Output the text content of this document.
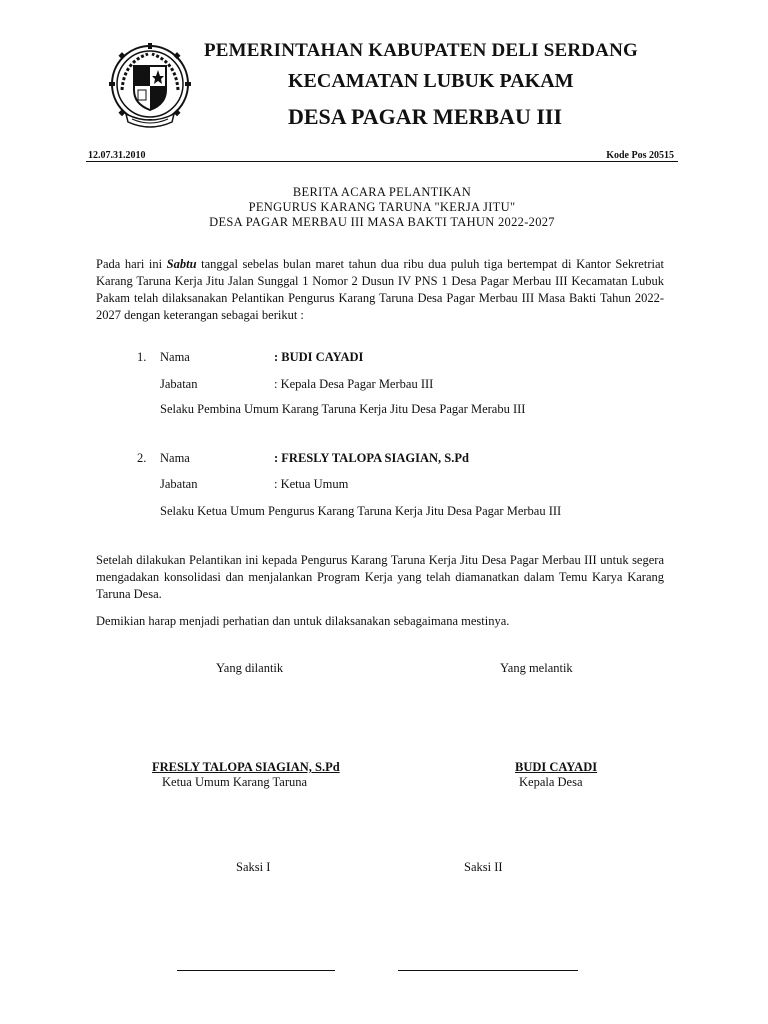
PEMERINTAHAN KABUPATEN DELI SERDANG
KECAMATAN LUBUK PAKAM
DESA PAGAR MERBAU III
12.07.31.2010	Kode Pos 20515
BERITA ACARA PELANTIKAN
PENGURUS KARANG TARUNA "KERJA JITU"
DESA PAGAR MERBAU III MASA BAKTI TAHUN 2022-2027
Pada hari ini Sabtu tanggal sebelas bulan maret tahun dua ribu dua puluh tiga bertempat di Kantor Sekretriat Karang Taruna Kerja Jitu Jalan Sunggal 1 Nomor 2 Dusun IV PNS 1 Desa Pagar Merbau III Kecamatan Lubuk Pakam telah dilaksanakan Pelantikan Pengurus Karang Taruna Desa Pagar Merbau III Masa Bakti Tahun 2022-2027 dengan keterangan sebagai berikut :
1. Nama	: BUDI CAYADI
Jabatan	: Kepala Desa Pagar Merbau III
Selaku Pembina Umum Karang Taruna Kerja Jitu Desa Pagar Merabu III
2. Nama	: FRESLY TALOPA SIAGIAN, S.Pd
Jabatan	: Ketua Umum
Selaku Ketua Umum Pengurus Karang Taruna Kerja Jitu Desa Pagar Merbau III
Setelah dilakukan Pelantikan ini kepada Pengurus Karang Taruna Kerja Jitu Desa Pagar Merbau III untuk segera mengadakan konsolidasi dan menjalankan Program Kerja yang telah diamanatkan dalam Temu Karya Karang Taruna Desa.
Demikian harap menjadi perhatian dan untuk dilaksanakan sebagaimana mestinya.
Yang dilantik	Yang melantik
FRESLY TALOPA SIAGIAN, S.Pd
Ketua Umum Karang Taruna
BUDI CAYADI
Kepala Desa
Saksi I	Saksi II
